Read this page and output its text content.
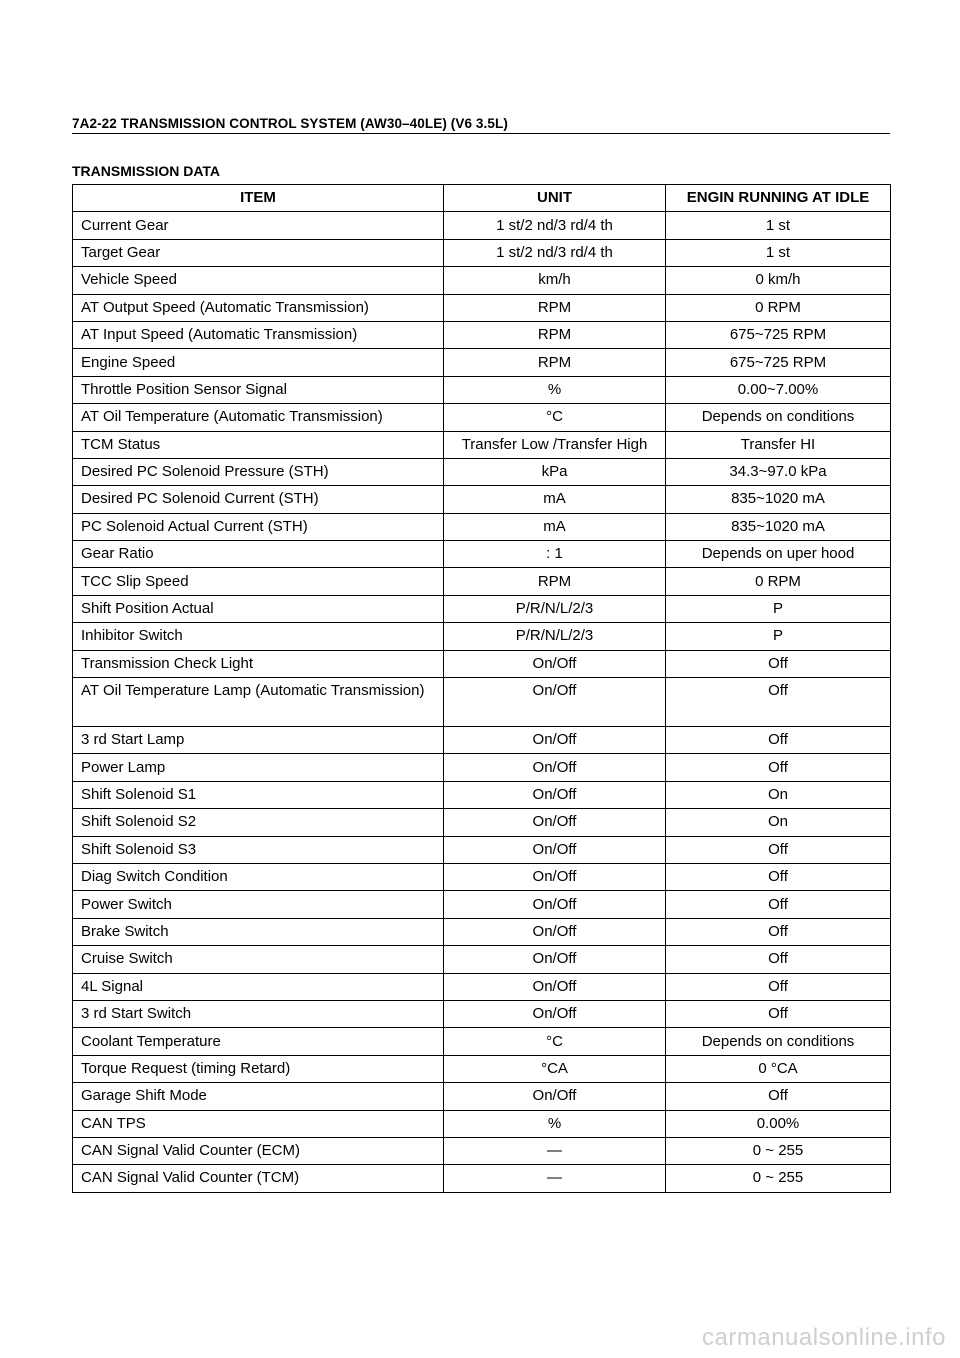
7A2-22 TRANSMISSION CONTROL SYSTEM (AW30–40LE) (V6 3.5L)
TRANSMISSION DATA
ITEM	UNIT	ENGIN RUNNING AT IDLE
Current Gear	1 st/2 nd/3 rd/4 th	1 st
Target Gear	1 st/2 nd/3 rd/4 th	1 st
Vehicle Speed	km/h	0 km/h
AT Output Speed (Automatic Transmission)	RPM	0 RPM
AT Input Speed (Automatic Transmission)	RPM	675~725 RPM
Engine Speed	RPM	675~725 RPM
Throttle Position Sensor Signal	%	0.00~7.00%
AT Oil Temperature (Automatic Transmission)	°C	Depends on conditions
TCM Status	Transfer Low /Transfer High	Transfer HI
Desired PC Solenoid Pressure (STH)	kPa	34.3~97.0 kPa
Desired PC Solenoid Current (STH)	mA	835~1020 mA
PC Solenoid Actual Current (STH)	mA	835~1020 mA
Gear Ratio	: 1	Depends on uper hood
TCC Slip Speed	RPM	0 RPM
Shift Position Actual	P/R/N/L/2/3	P
Inhibitor Switch	P/R/N/L/2/3	P
Transmission Check Light	On/Off	Off
AT Oil Temperature Lamp (Automatic Transmission)	On/Off	Off
3 rd Start Lamp	On/Off	Off
Power Lamp	On/Off	Off
Shift Solenoid S1	On/Off	On
Shift Solenoid S2	On/Off	On
Shift Solenoid S3	On/Off	Off
Diag Switch Condition	On/Off	Off
Power Switch	On/Off	Off
Brake Switch	On/Off	Off
Cruise Switch	On/Off	Off
4L Signal	On/Off	Off
3 rd Start Switch	On/Off	Off
Coolant Temperature	°C	Depends on conditions
Torque Request (timing Retard)	°CA	0 °CA
Garage Shift Mode	On/Off	Off
CAN TPS	%	0.00%
CAN Signal Valid Counter (ECM)	—	0 ~ 255
CAN Signal Valid Counter (TCM)	—	0 ~ 255
carmanualsonline.info
